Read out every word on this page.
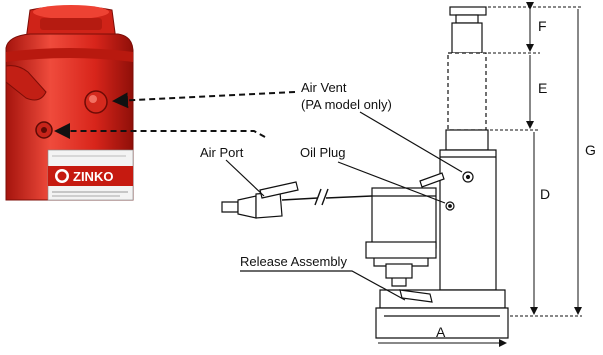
ZINKO
Air Vent
(PA model only)
Oil Plug
Air Port
Release Assembly
F
E
D
G
A
